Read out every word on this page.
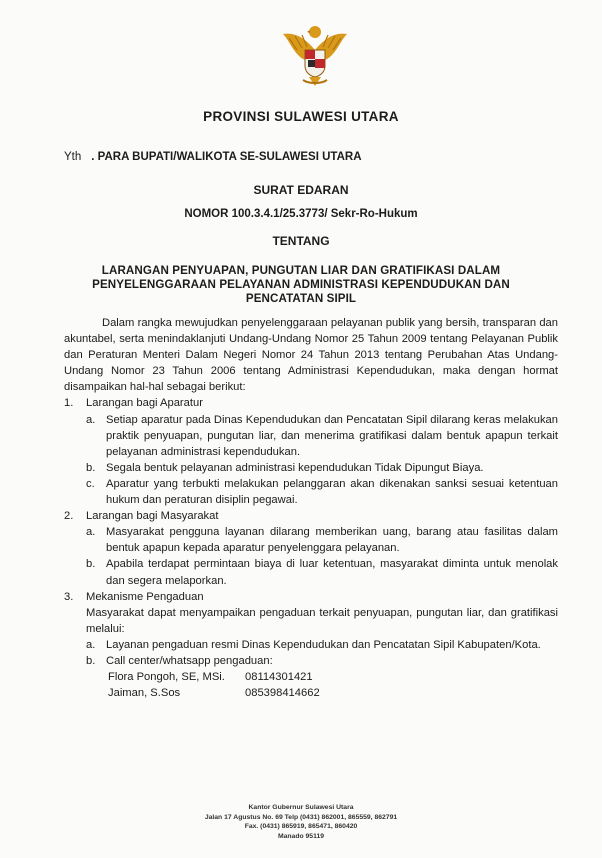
PROVINSI SULAWESI UTARA
Yth . PARA BUPATI/WALIKOTA SE-SULAWESI UTARA
SURAT EDARAN
NOMOR 100.3.4.1/25.3773/ Sekr-Ro-Hukum
TENTANG
LARANGAN PENYUAPAN, PUNGUTAN LIAR DAN GRATIFIKASI DALAM
PENYELENGGARAAN PELAYANAN ADMINISTRASI KEPENDUDUKAN DAN
PENCATATAN SIPIL

Dalam rangka mewujudkan penyelenggaraan pelayanan publik yang bersih, transparan dan akuntabel, serta menindaklanjuti Undang-Undang Nomor 25 Tahun 2009 tentang Pelayanan Publik dan Peraturan Menteri Dalam Negeri Nomor 24 Tahun 2013 tentang Perubahan Atas Undang-Undang Nomor 23 Tahun 2006 tentang Administrasi Kependudukan, maka dengan hormat disampaikan hal-hal sebagai berikut:

1.	Larangan bagi Aparatur
a. Setiap aparatur pada Dinas Kependudukan dan Pencatatan Sipil dilarang keras melakukan praktik penyuapan, pungutan liar, dan menerima gratifikasi dalam bentuk apapun terkait pelayanan administrasi kependudukan.
b. Segala bentuk pelayanan administrasi kependudukan Tidak Dipungut Biaya.
c.	Aparatur yang terbukti melakukan pelanggaran akan dikenakan sanksi sesuai ketentuan hukum dan peraturan disiplin pegawai.
2.	Larangan bagi Masyarakat
a. Masyarakat pengguna layanan dilarang memberikan uang, barang atau fasilitas dalam bentuk apapun kepada aparatur penyelenggara pelayanan.
b. Apabila terdapat permintaan biaya di luar ketentuan, masyarakat diminta untuk menolak dan segera melaporkan.
3.	Mekanisme Pengaduan
Masyarakat dapat menyampaikan pengaduan terkait penyuapan, pungutan liar, dan gratifikasi melalui:
a. Layanan pengaduan resmi Dinas Kependudukan dan Pencatatan Sipil Kabupaten/Kota.
b. Call center/whatsapp pengaduan:
Flora Pongoh, SE, MSi.	08114301421
Jaiman, S.Sos	085398414662
Kantor Gubernur Sulawesi Utara
Jalan 17 Agustus No. 69 Telp (0431) 862001, 865559, 862791
Fax. (0431) 865919, 865471, 860420
Manado 95119
